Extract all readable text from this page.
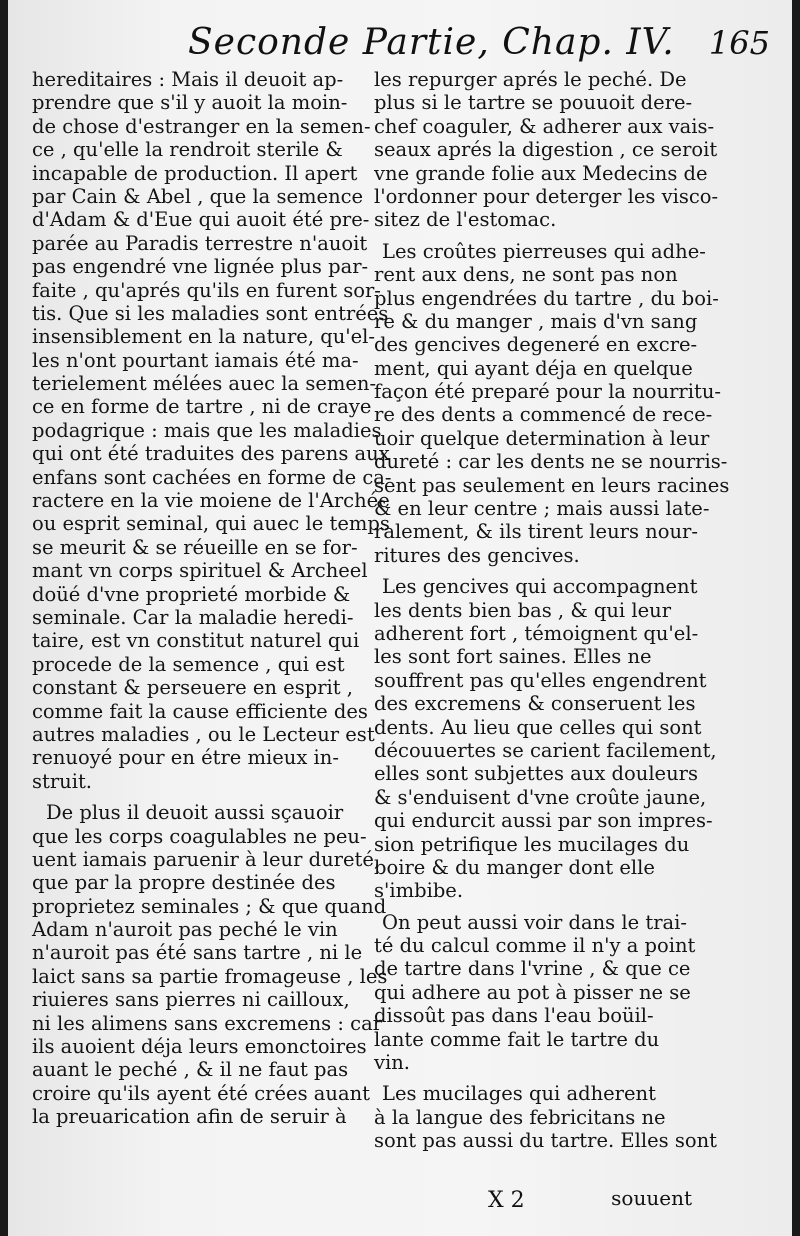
Seconde Partie, Chap. IV. 165
hereditaires : Mais il deuoit ap-
prendre que s'il y auoit la moin-
de chose d'estranger en la semen-
ce , qu'elle la rendroit sterile &
incapable de production. Il apert
par Cain & Abel , que la semence
d'Adam & d'Eue qui auoit été pre-
parée au Paradis terrestre n'auoit
pas engendré vne lignée plus par-
faite , qu'aprés qu'ils en furent sor-
tis. Que si les maladies sont entrées
insensiblement en la nature, qu'el-
les n'ont pourtant iamais été ma-
terielement mélées auec la semen-
ce en forme de tartre , ni de craye
podagrique : mais que les maladies
qui ont été traduites des parens aux
enfans sont cachées en forme de ca-
ractere en la vie moiene de l'Archée
ou esprit seminal, qui auec le temps
se meurit & se réueille en se for-
mant vn corps spirituel & Archeel
doüé d'vne proprieté morbide &
seminale. Car la maladie heredi-
taire, est vn constitut naturel qui
procede de la semence , qui est
constant & perseuere en esprit ,
comme fait la cause efficiente des
autres maladies , ou le Lecteur est
renuoyé pour en étre mieux in-
struit.
De plus il deuoit aussi sçauoir
que les corps coagulables ne peu-
uent iamais paruenir à leur dureté,
que par la propre destinée des
proprietez seminales ; & que quand
Adam n'auroit pas peché le vin
n'auroit pas été sans tartre , ni le
laict sans sa partie fromageuse , les
riuieres sans pierres ni cailloux,
ni les alimens sans excremens : car
ils auoient déja leurs emonctoires
auant le peché , & il ne faut pas
croire qu'ils ayent été crées auant
la preuarication afin de seruir à
les repurger aprés le peché. De
plus si le tartre se pouuoit dere-
chef coaguler, & adherer aux vais-
seaux aprés la digestion , ce seroit
vne grande folie aux Medecins de
l'ordonner pour deterger les visco-
sitez de l'estomac.
Les croûtes pierreuses qui adhe-
rent aux dens, ne sont pas non
plus engendrées du tartre , du boi-
re & du manger , mais d'vn sang
des gencives degeneré en excre-
ment, qui ayant déja en quelque
façon été preparé pour la nourritu-
re des dents a commencé de rece-
uoir quelque determination à leur
dureté : car les dents ne se nourris-
sent pas seulement en leurs racines
& en leur centre ; mais aussi late-
ralement, & ils tirent leurs nour-
ritures des gencives.
Les gencives qui accompagnent
les dents bien bas , & qui leur
adherent fort , témoignent qu'el-
les sont fort saines. Elles ne
souffrent pas qu'elles engendrent
des excremens & conseruent les
dents. Au lieu que celles qui sont
découuertes se carient facilement,
elles sont subjettes aux douleurs
& s'enduisent d'vne croûte jaune,
qui endurcit aussi par son impres-
sion petrifique les mucilages du
boire & du manger dont elle
s'imbibe.
On peut aussi voir dans le trai-
té du calcul comme il n'y a point
de tartre dans l'vrine , & que ce
qui adhere au pot à pisser ne se
dissoût pas dans l'eau boüil-
lante comme fait le tartre du
vin.
Les mucilages qui adherent
à la langue des febricitans ne
sont pas aussi du tartre. Elles sont
X 2	souuent
